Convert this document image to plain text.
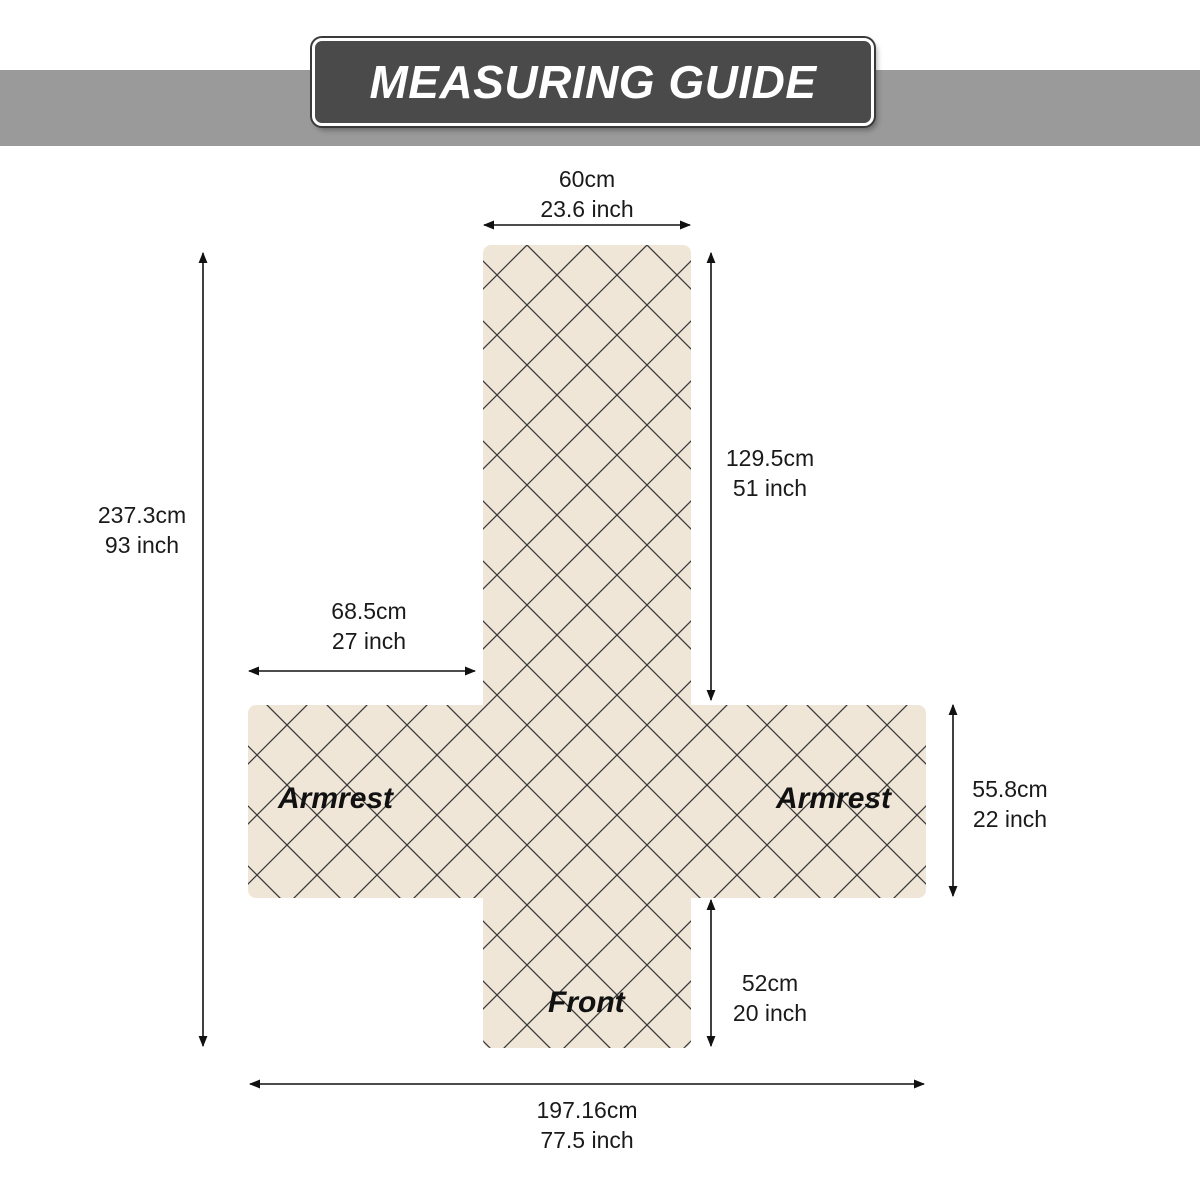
MEASURING GUIDE
Armrest	Armrest
Front
60cm
23.6 inch
129.5cm
51 inch
237.3cm
93 inch
68.5cm
27 inch
55.8cm
22 inch
52cm
20 inch
197.16cm
77.5 inch
